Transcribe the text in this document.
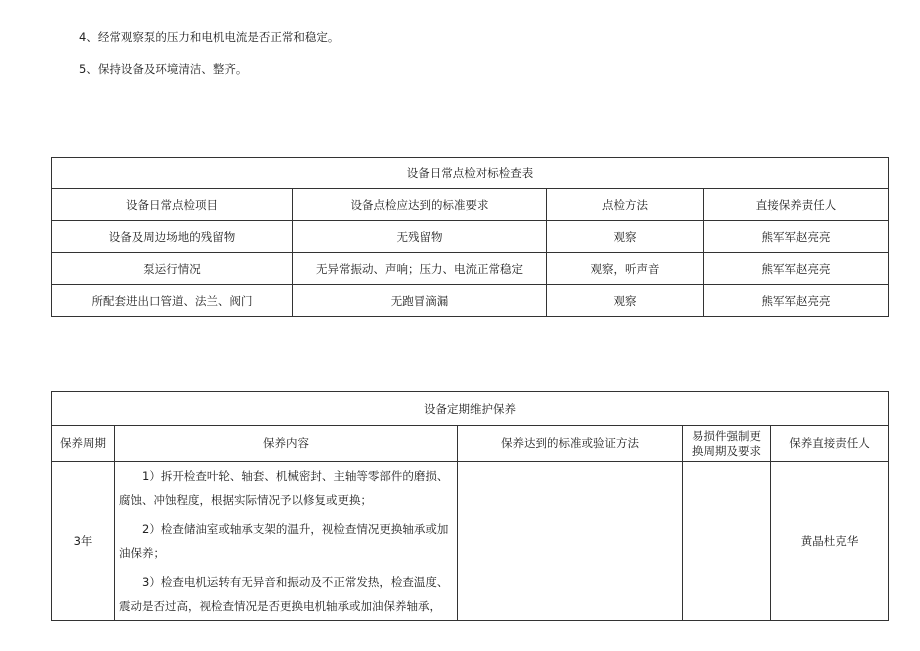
4、经常观察泵的压力和电机电流是否正常和稳定。
5、保持设备及环境清洁、整齐。
设备日常点检对标检查表			
设备日常点检项目	设备点检应达到的标准要求	点检方法	直接保养责任人
设备及周边场地的残留物	无残留物	观察	熊军军赵亮亮
泵运行情况	无异常振动、声响；压力、电流正常稳定	观察，听声音	熊军军赵亮亮
所配套进出口管道、法兰、阀门	无跑冒滴漏	观察	熊军军赵亮亮
设备定期维护保养				
保养周期	保养内容	保养达到的标准或验证方法	易损件强制更换周期及要求	保养直接责任人
3年	1）拆开检查叶轮、轴套、机械密封、主轴等零部件的磨损、腐蚀、冲蚀程度，根据实际情况予以修复或更换；

2）检查储油室或轴承支架的温升，视检查情况更换轴承或加油保养；

3）检查电机运转有无异音和振动及不正常发热，检查温度、震动是否过高，视检查情况是否更换电机轴承或加油保养轴承，			黄晶杜克华
